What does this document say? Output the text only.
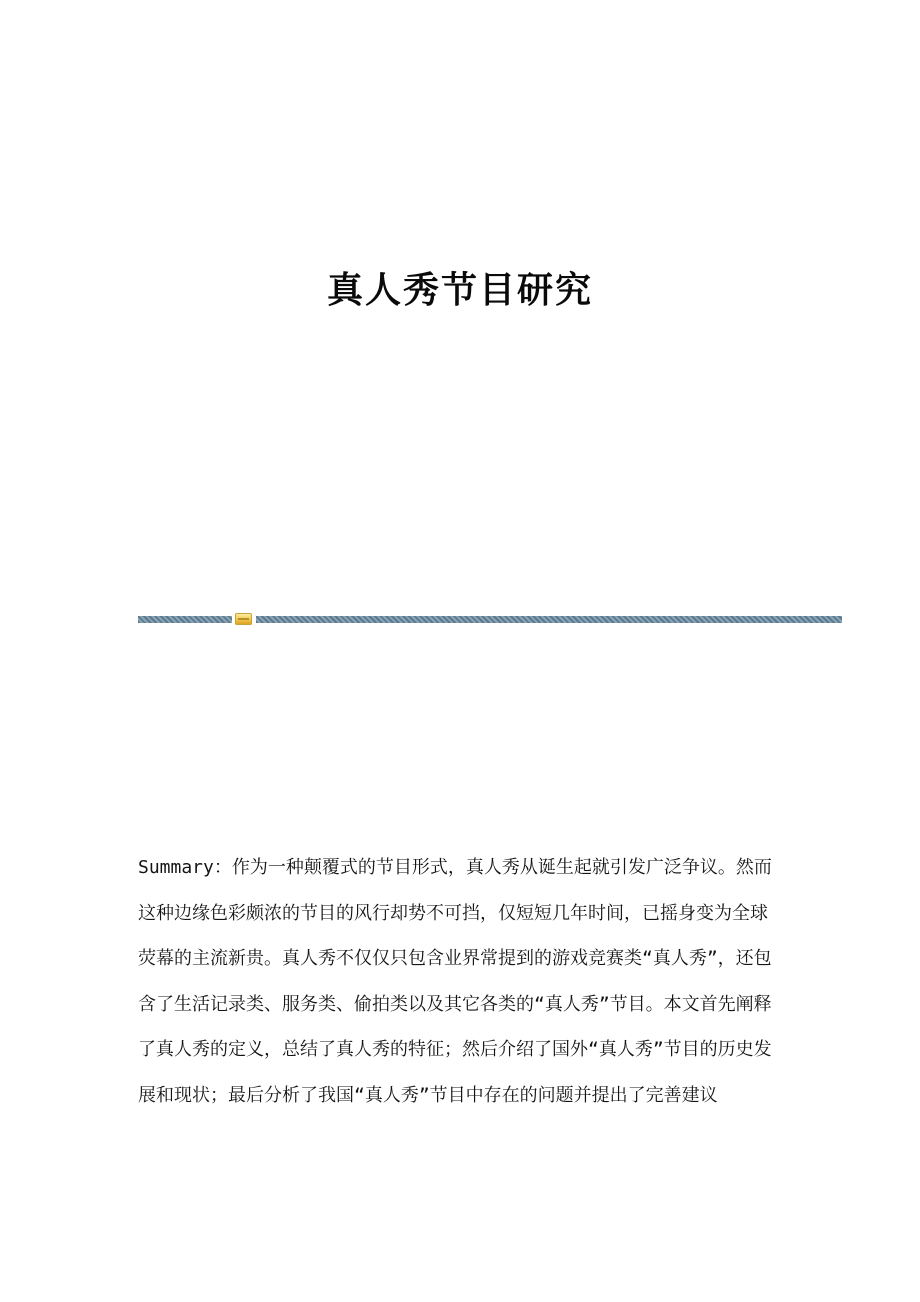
真人秀节目研究
Summary：作为一种颠覆式的节目形式，真人秀从诞生起就引发广泛争议。然而这种边缘色彩颇浓的节目的风行却势不可挡，仅短短几年时间，已摇身变为全球荧幕的主流新贵。真人秀不仅仅只包含业界常提到的游戏竞赛类“真人秀”，还包含了生活记录类、服务类、偷拍类以及其它各类的“真人秀”节目。本文首先阐释了真人秀的定义，总结了真人秀的特征；然后介绍了国外“真人秀”节目的历史发展和现状；最后分析了我国“真人秀”节目中存在的问题并提出了完善建议
